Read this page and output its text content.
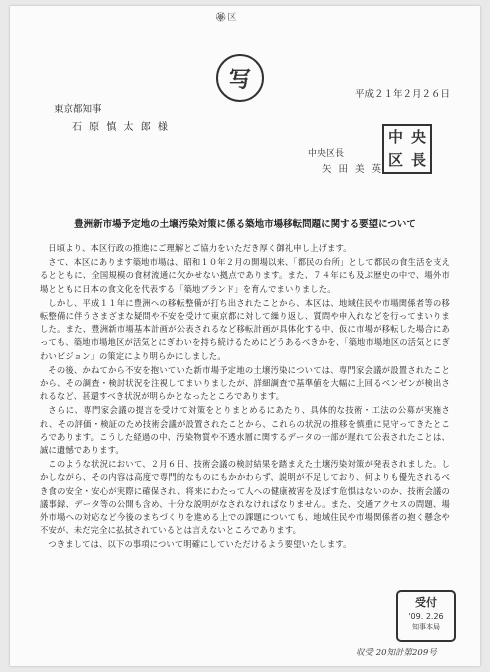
🏵区
写
平成２１年２月２６日
東京都知事
石 原 慎 太 郎 様
中 央
区 長
中央区長
矢 田 美 英
豊洲新市場予定地の土壌汚染対策に係る築地市場移転問題に関する要望について

日頃より、本区行政の推進にご理解とご協力をいただき厚く御礼申し上げます。

さて、本区にあります築地市場は、昭和１０年２月の開場以来、「都民の台所」として都民の食生活を支えるとともに、全国規模の食材流通に欠かせない拠点であります。また、７４年にも及ぶ歴史の中で、場外市場とともに日本の食文化を代表する「築地ブランド」を育んでまいりました。

しかし、平成１１年に豊洲への移転整備が打ち出されたことから、本区は、地域住民や市場関係者等の移転整備に伴うさまざまな疑問や不安を受けて東京都に対して繰り返し、質問や申入れなどを行ってまいりました。また、豊洲新市場基本計画が公表されるなど移転計画が具体化する中、仮に市場が移転した場合にあっても、築地市場地区が活気とにぎわいを持ち続けるためにどうあるべきかを、「築地市場地区の活気とにぎわいビジョン」の策定により明らかにしました。

その後、かねてから不安を抱いていた新市場予定地の土壌汚染については、専門家会議が設置されたことから、その調査・検討状況を注視してまいりましたが、詳細調査で基準値を大幅に上回るベンゼンが検出されるなど、甚還すべき状況が明らかとなったところであります。

さらに、専門家会議の提言を受けて対策をとりまとめるにあたり、具体的な技術・工法の公募が実施され、その評価・検証のため技術会議が設置されたことから、これらの状況の推移を慎重に見守ってきたところであります。こうした経過の中、汚染物質や不透水層に関するデータの一部が遅れて公表されたことは、誠に遺憾であります。

このような状況において、２月６日、技術会議の検討結果を踏まえた土壌汚染対策が発表されました。しかしながら、その内容は高度で専門的なものにもかかわらず、説明が不足しており、何よりも優先されるべき食の安全・安心が実際に確保され、将来にわたって人への健康被害を及ぼす危惧はないのか、技術会議の議事録、データ等の公開も含め、十分な説明がなされなければなりません。また、交通アクセスの問題、場外市場への対応など今後のまちづくりを進める上での課題についても、地域住民や市場関係者の抱く懸念や不安が、未だ完全に払拭されているとは言えないところであります。

つきましては、以下の事項について明確にしていただけるよう要望いたします。

受付
'09. 2.26
知事本局
収受 20知計第209号
